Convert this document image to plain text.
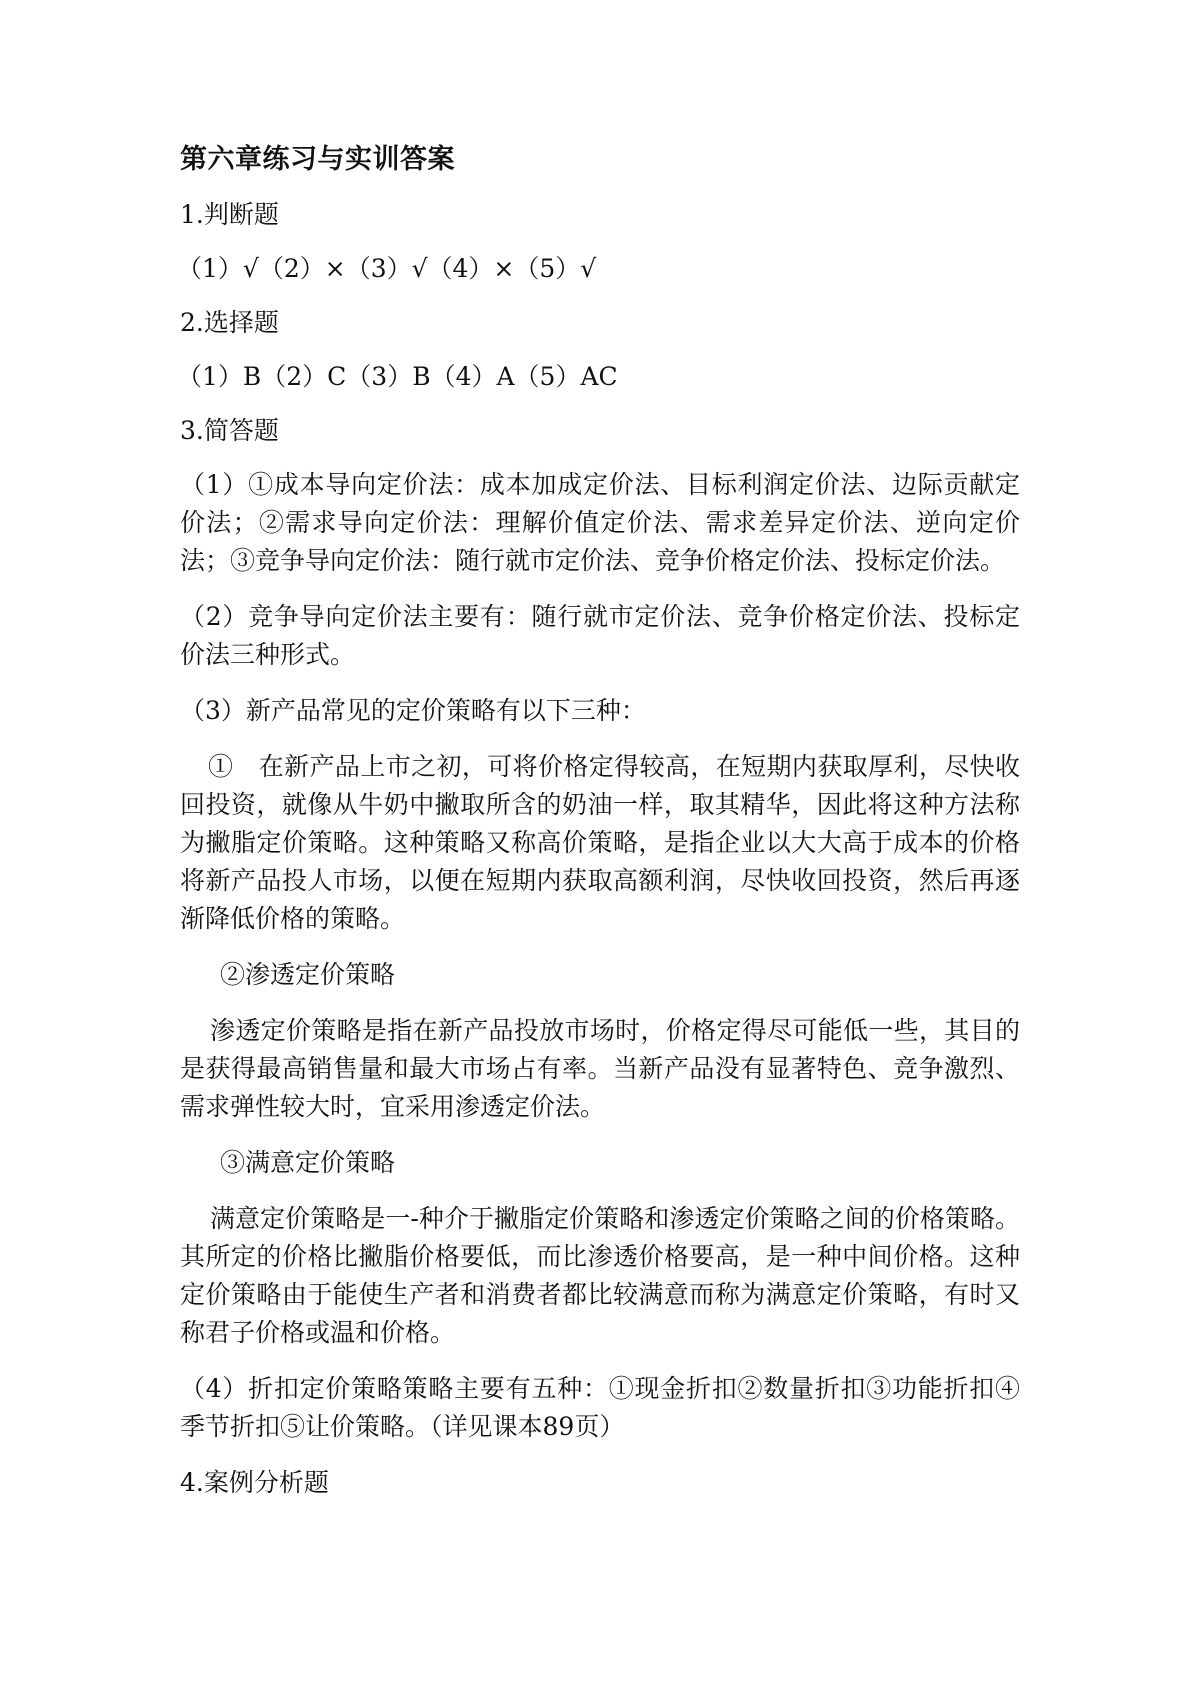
第六章练习与实训答案
1.判断题
（1）√（2）×（3）√（4）×（5）√
2.选择题
（1）B（2）C（3）B（4）A（5）AC
3.简答题
（1）①成本导向定价法：成本加成定价法、目标利润定价法、边际贡献定价法；②需求导向定价法：理解价值定价法、需求差异定价法、逆向定价法；③竞争导向定价法：随行就市定价法、竞争价格定价法、投标定价法。
（2）竞争导向定价法主要有：随行就市定价法、竞争价格定价法、投标定价法三种形式。
（3）新产品常见的定价策略有以下三种：
①　在新产品上市之初，可将价格定得较高，在短期内获取厚利，尽快收回投资，就像从牛奶中撇取所含的奶油一样，取其精华，因此将这种方法称为撇脂定价策略。这种策略又称高价策略，是指企业以大大高于成本的价格将新产品投人市场，以便在短期内获取高额利润，尽快收回投资，然后再逐渐降低价格的策略。
②渗透定价策略
渗透定价策略是指在新产品投放市场时，价格定得尽可能低一些，其目的是获得最高销售量和最大市场占有率。当新产品没有显著特色、竞争激烈、需求弹性较大时，宜采用渗透定价法。
③满意定价策略
满意定价策略是一-种介于撇脂定价策略和渗透定价策略之间的价格策略。其所定的价格比撇脂价格要低，而比渗透价格要高，是一种中间价格。这种定价策略由于能使生产者和消费者都比较满意而称为满意定价策略，有时又称君子价格或温和价格。
（4）折扣定价策略策略主要有五种：①现金折扣②数量折扣③功能折扣④季节折扣⑤让价策略。（详见课本89页）
4.案例分析题
